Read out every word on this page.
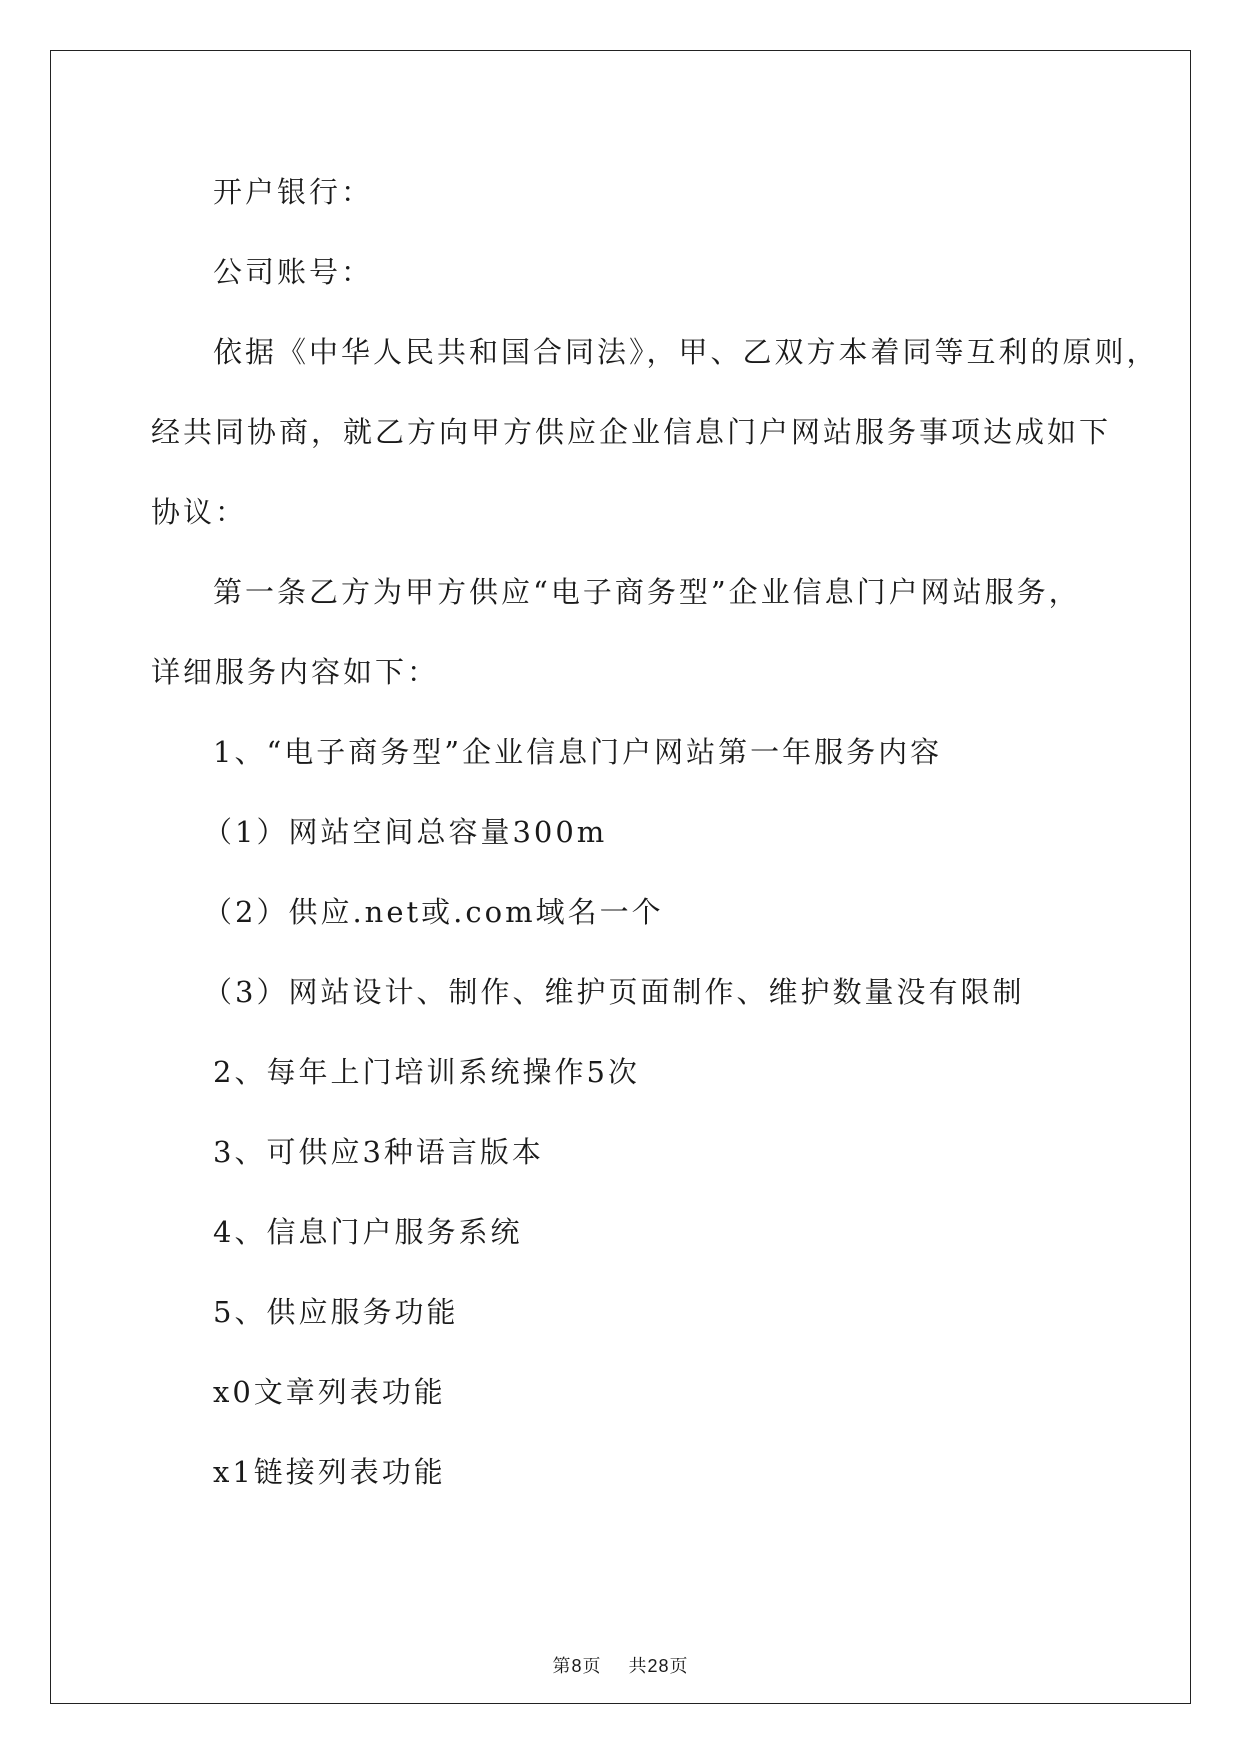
开户银行：
公司账号：
依据《中华人民共和国合同法》，甲、乙双方本着同等互利的原则，
经共同协商，就乙方向甲方供应企业信息门户网站服务事项达成如下
协议：
第一条乙方为甲方供应“电子商务型”企业信息门户网站服务，
详细服务内容如下：
1、“电子商务型”企业信息门户网站第一年服务内容
（1）网站空间总容量300m
（2）供应.net或.com域名一个
（3）网站设计、制作、维护页面制作、维护数量没有限制
2、每年上门培训系统操作5次
3、可供应3种语言版本
4、信息门户服务系统
5、供应服务功能
x0文章列表功能
x1链接列表功能
第8页 共28页
